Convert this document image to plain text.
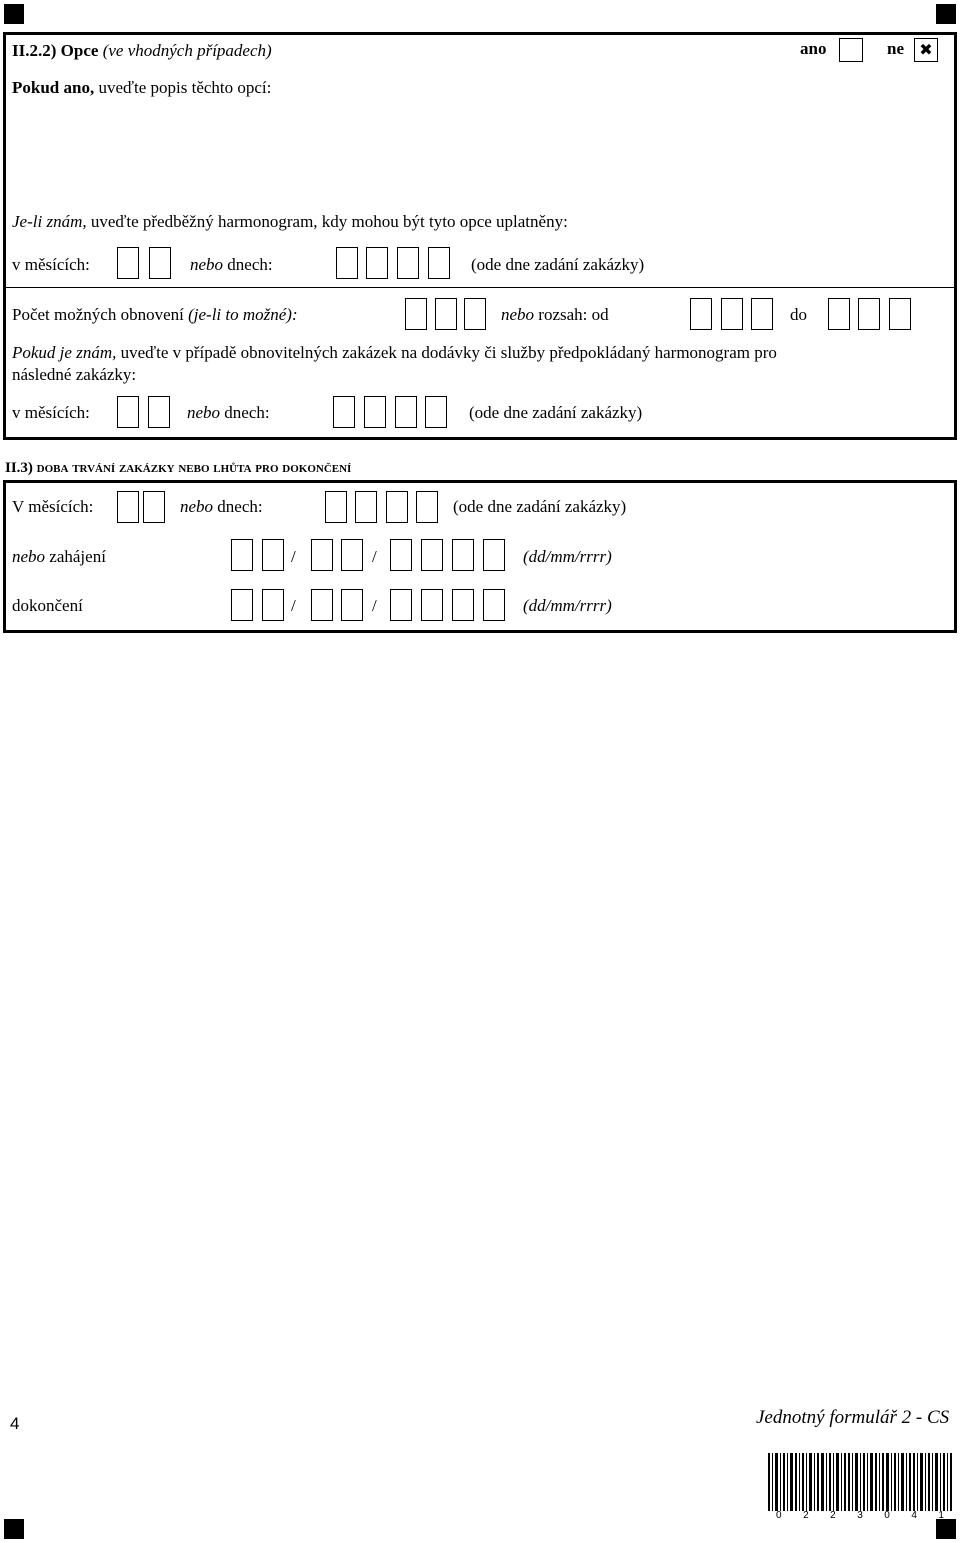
II.2.2) Opce (ve vhodných případech)	ano	ne ✖
Pokud ano, uveďte popis těchto opcí:
Je-li znám, uveďte předběžný harmonogram, kdy mohou být tyto opce uplatněny:
v měsících:	nebo dnech:	(ode dne zadání zakázky)
Počet možných obnovení (je-li to možné):	nebo rozsah: od	do
Pokud je znám, uveďte v případě obnovitelných zakázek na dodávky či služby předpokládaný harmonogram pro
následné zakázky:
v měsících:	nebo dnech:	(ode dne zadání zakázky)
II.3) doba trvání zakázky nebo lhůta pro dokončení
V měsících:	nebo dnech:	(ode dne zadání zakázky)
nebo zahájení	/	/	(dd/mm/rrrr)
dokončení	/	/	(dd/mm/rrrr)
4	Jednotný formulář 2 - CS
0 2 2 3 0 4 1
